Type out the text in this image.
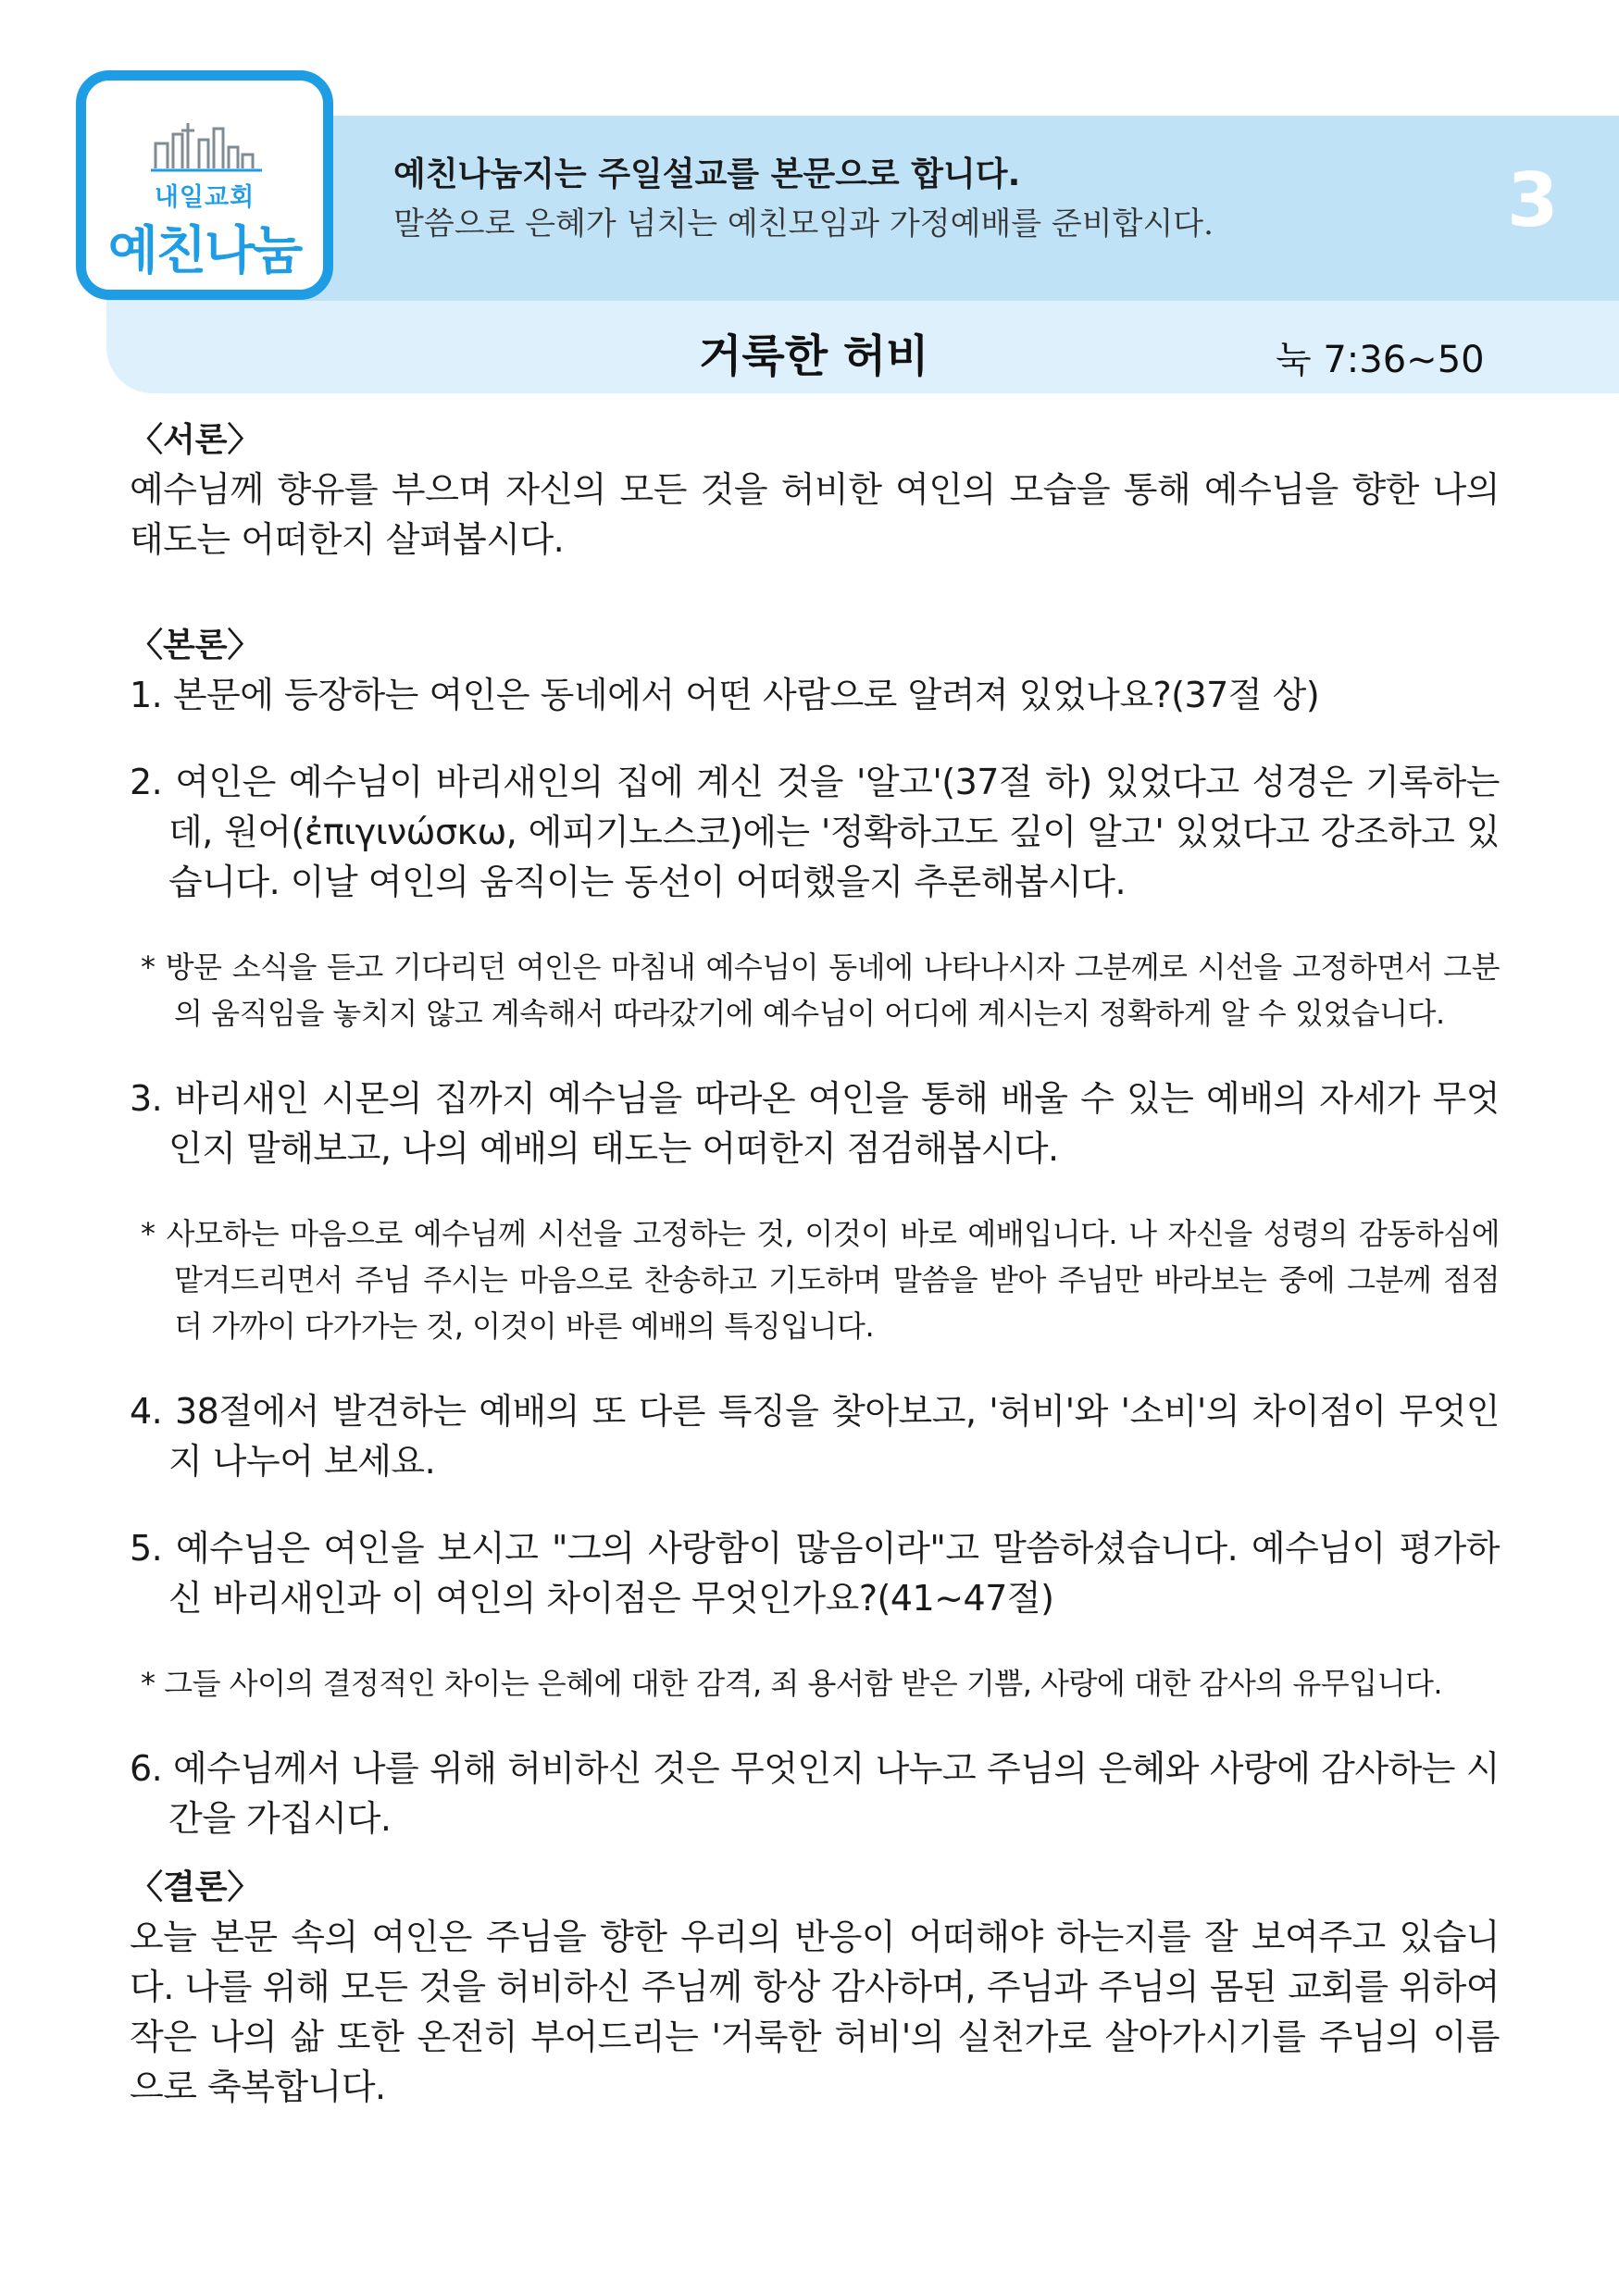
내일교회
예친나눔
예친나눔지는 주일설교를 본문으로 합니다.
말씀으로 은혜가 넘치는 예친모임과 가정예배를 준비합시다.	3
거룩한 허비	눅 7:36~50

〈서론〉

예수님께 향유를 부으며 자신의 모든 것을 허비한 여인의 모습을 통해 예수님을 향한 나의 태도는 어떠한지 살펴봅시다.

〈본론〉

1. 본문에 등장하는 여인은 동네에서 어떤 사람으로 알려져 있었나요?(37절 상)

2. 여인은 예수님이 바리새인의 집에 계신 것을 '알고'(37절 하) 있었다고 성경은 기록하는데, 원어(ἐπιγινώσκω, 에피기노스코)에는 '정확하고도 깊이 알고' 있었다고 강조하고 있습니다. 이날 여인의 움직이는 동선이 어떠했을지 추론해봅시다.

* 방문 소식을 듣고 기다리던 여인은 마침내 예수님이 동네에 나타나시자 그분께로 시선을 고정하면서 그분의 움직임을 놓치지 않고 계속해서 따라갔기에 예수님이 어디에 계시는지 정확하게 알 수 있었습니다.

3. 바리새인 시몬의 집까지 예수님을 따라온 여인을 통해 배울 수 있는 예배의 자세가 무엇인지 말해보고, 나의 예배의 태도는 어떠한지 점검해봅시다.

* 사모하는 마음으로 예수님께 시선을 고정하는 것, 이것이 바로 예배입니다. 나 자신을 성령의 감동하심에 맡겨드리면서 주님 주시는 마음으로 찬송하고 기도하며 말씀을 받아 주님만 바라보는 중에 그분께 점점 더 가까이 다가가는 것, 이것이 바른 예배의 특징입니다.

4. 38절에서 발견하는 예배의 또 다른 특징을 찾아보고, '허비'와 '소비'의 차이점이 무엇인지 나누어 보세요.

5. 예수님은 여인을 보시고 "그의 사랑함이 많음이라"고 말씀하셨습니다. 예수님이 평가하신 바리새인과 이 여인의 차이점은 무엇인가요?(41~47절)

* 그들 사이의 결정적인 차이는 은혜에 대한 감격, 죄 용서함 받은 기쁨, 사랑에 대한 감사의 유무입니다.

6. 예수님께서 나를 위해 허비하신 것은 무엇인지 나누고 주님의 은혜와 사랑에 감사하는 시간을 가집시다.

〈결론〉

오늘 본문 속의 여인은 주님을 향한 우리의 반응이 어떠해야 하는지를 잘 보여주고 있습니다. 나를 위해 모든 것을 허비하신 주님께 항상 감사하며, 주님과 주님의 몸된 교회를 위하여 작은 나의 삶 또한 온전히 부어드리는 '거룩한 허비'의 실천가로 살아가시기를 주님의 이름으로 축복합니다.
